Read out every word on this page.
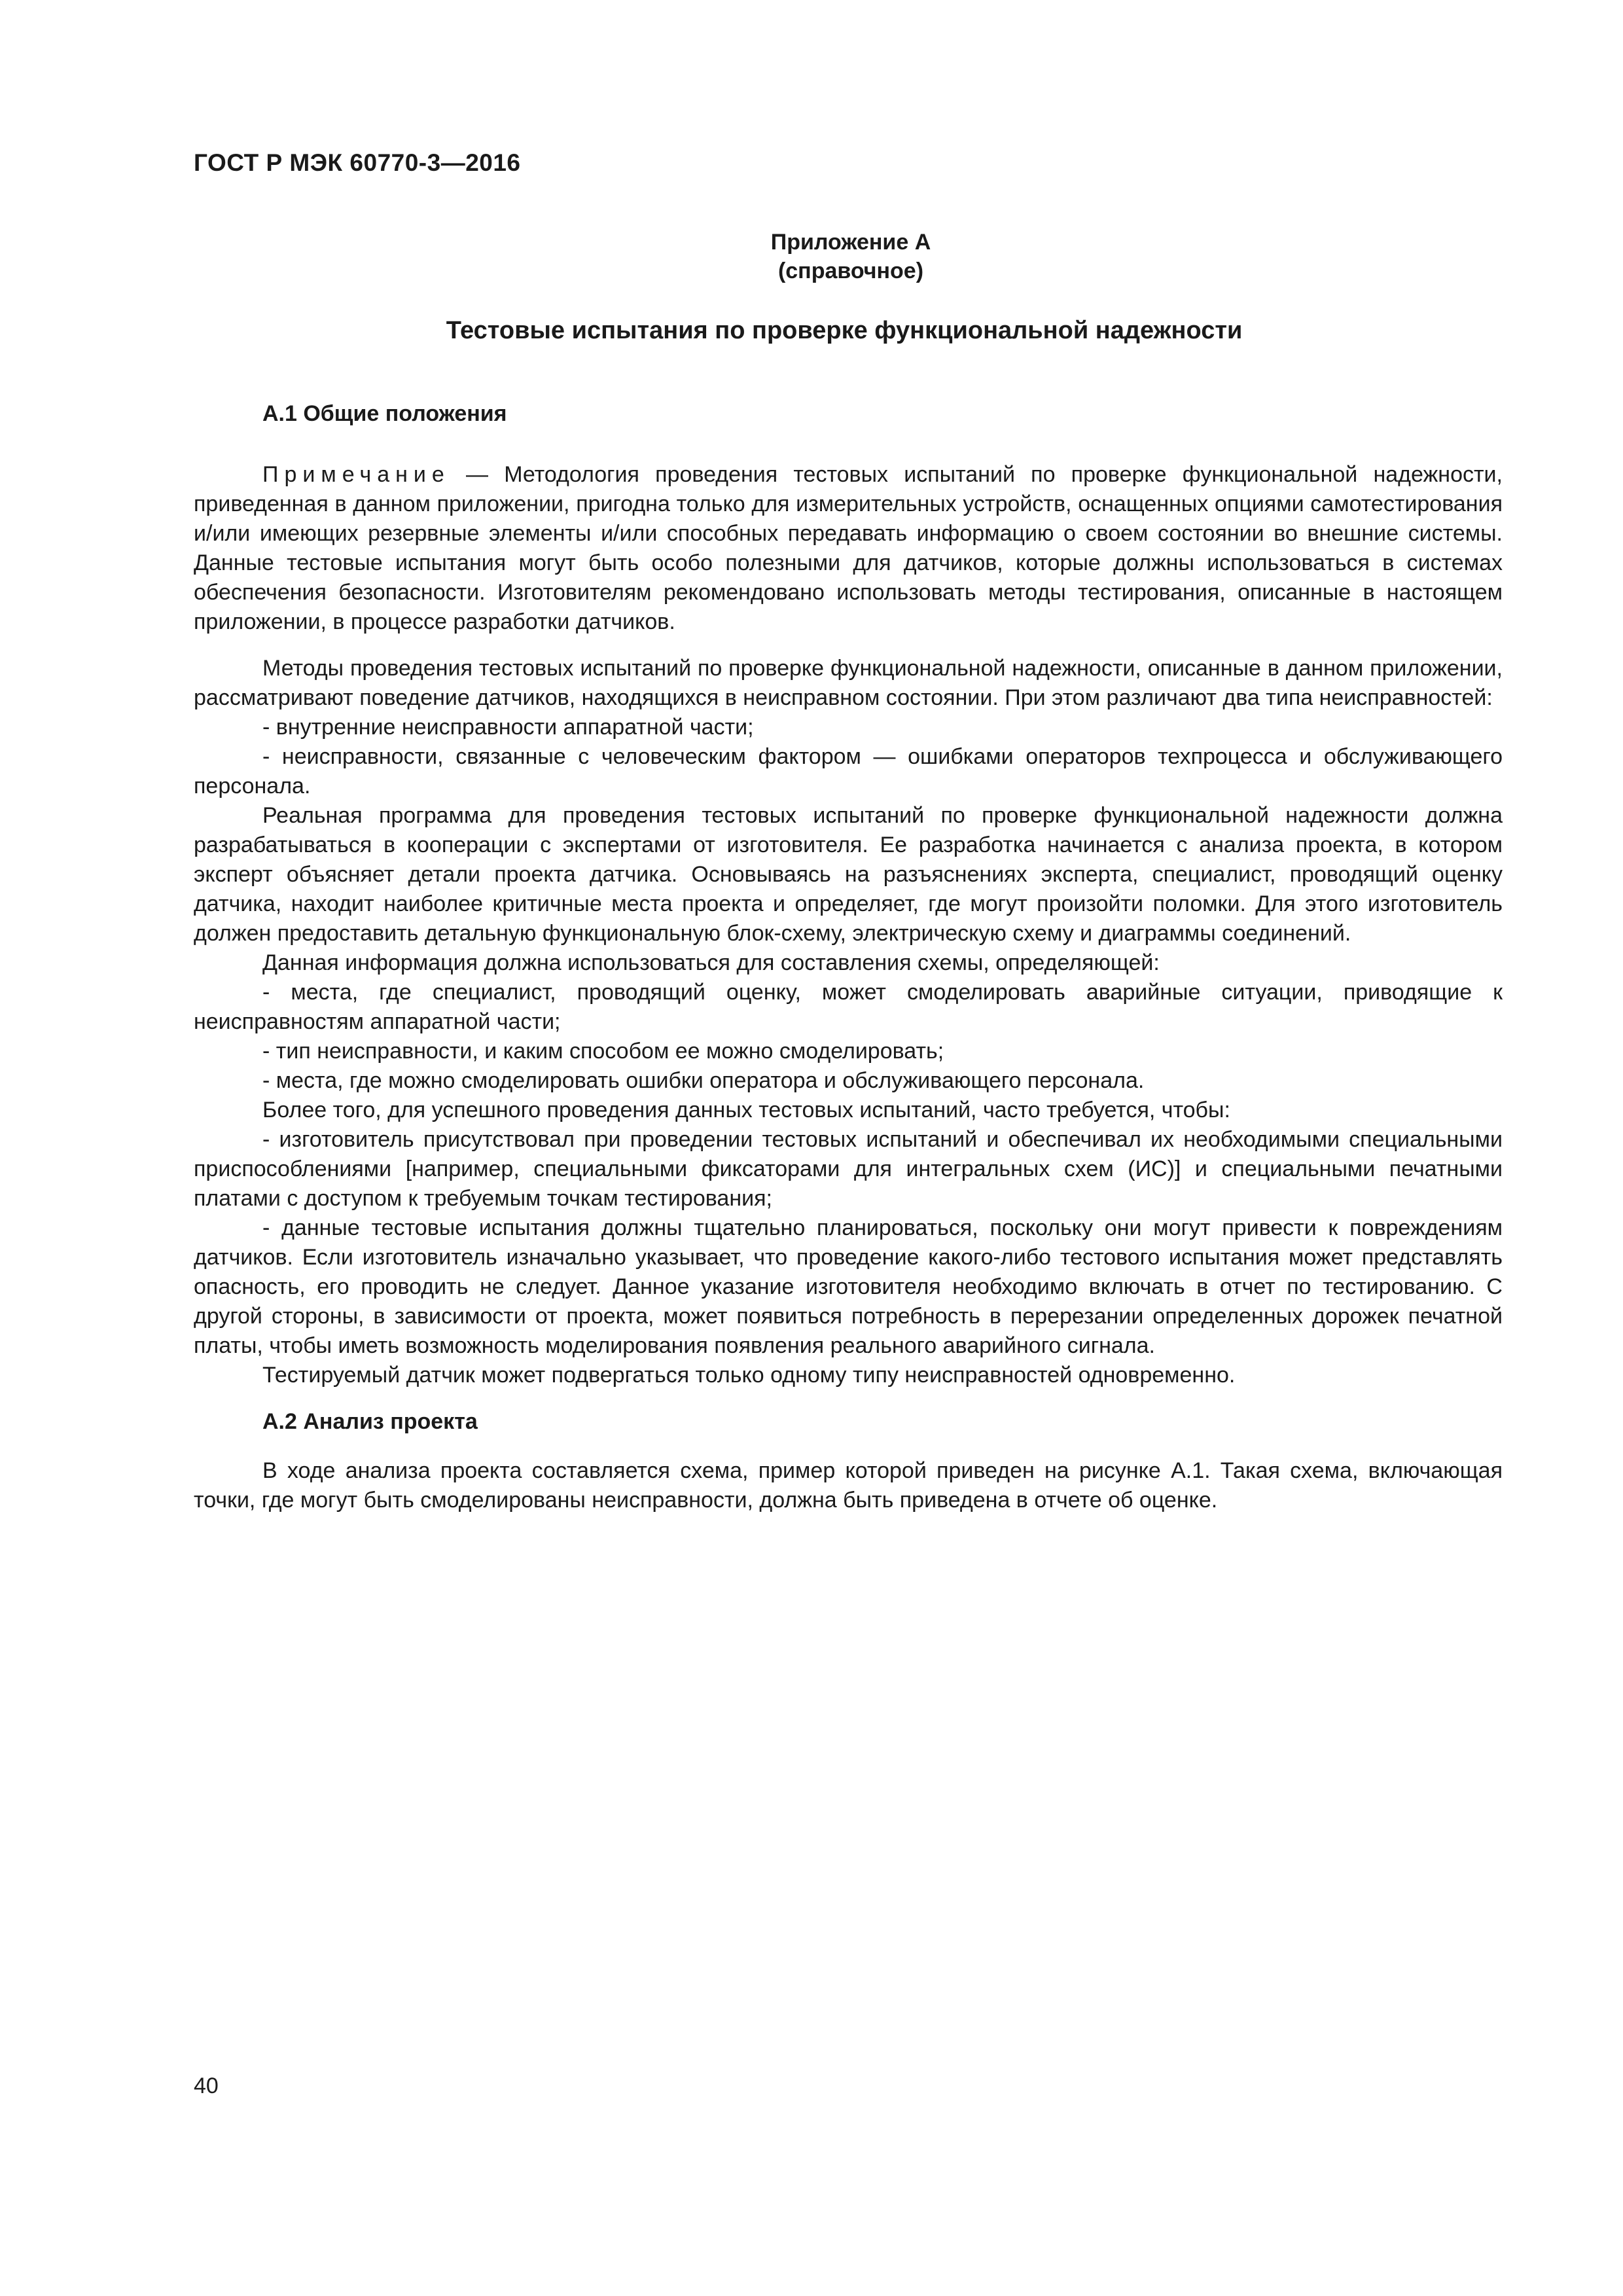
ГОСТ Р МЭК 60770-3—2016
Приложение А
(справочное)
Тестовые испытания по проверке функциональной надежности
А.1 Общие положения

Примечание — Методология проведения тестовых испытаний по проверке функциональной надежности, приведенная в данном приложении, пригодна только для измерительных устройств, оснащенных опциями самотестирования и/или имеющих резервные элементы и/или способных передавать информацию о своем состоянии во внешние системы. Данные тестовые испытания могут быть особо полезными для датчиков, которые должны использоваться в системах обеспечения безопасности. Изготовителям рекомендовано использовать методы тестирования, описанные в настоящем приложении, в процессе разработки датчиков.

Методы проведения тестовых испытаний по проверке функциональной надежности, описанные в данном приложении, рассматривают поведение датчиков, находящихся в неисправном состоянии. При этом различают два типа неисправностей:

- внутренние неисправности аппаратной части;

- неисправности, связанные с человеческим фактором — ошибками операторов техпроцесса и обслуживающего персонала.

Реальная программа для проведения тестовых испытаний по проверке функциональной надежности должна разрабатываться в кооперации с экспертами от изготовителя. Ее разработка начинается с анализа проекта, в котором эксперт объясняет детали проекта датчика. Основываясь на разъяснениях эксперта, специалист, проводящий оценку датчика, находит наиболее критичные места проекта и определяет, где могут произойти поломки. Для этого изготовитель должен предоставить детальную функциональную блок-схему, электрическую схему и диаграммы соединений.

Данная информация должна использоваться для составления схемы, определяющей:

- места, где специалист, проводящий оценку, может смоделировать аварийные ситуации, приводящие к неисправностям аппаратной части;

- тип неисправности, и каким способом ее можно смоделировать;

- места, где можно смоделировать ошибки оператора и обслуживающего персонала.

Более того, для успешного проведения данных тестовых испытаний, часто требуется, чтобы:

- изготовитель присутствовал при проведении тестовых испытаний и обеспечивал их необходимыми специальными приспособлениями [например, специальными фиксаторами для интегральных схем (ИС)] и специальными печатными платами с доступом к требуемым точкам тестирования;

- данные тестовые испытания должны тщательно планироваться, поскольку они могут привести к повреждениям датчиков. Если изготовитель изначально указывает, что проведение какого-либо тестового испытания может представлять опасность, его проводить не следует. Данное указание изготовителя необходимо включать в отчет по тестированию. С другой стороны, в зависимости от проекта, может появиться потребность в перерезании определенных дорожек печатной платы, чтобы иметь возможность моделирования появления реального аварийного сигнала.

Тестируемый датчик может подвергаться только одному типу неисправностей одновременно.

А.2 Анализ проекта

В ходе анализа проекта составляется схема, пример которой приведен на рисунке А.1. Такая схема, включающая точки, где могут быть смоделированы неисправности, должна быть приведена в отчете об оценке.

40
